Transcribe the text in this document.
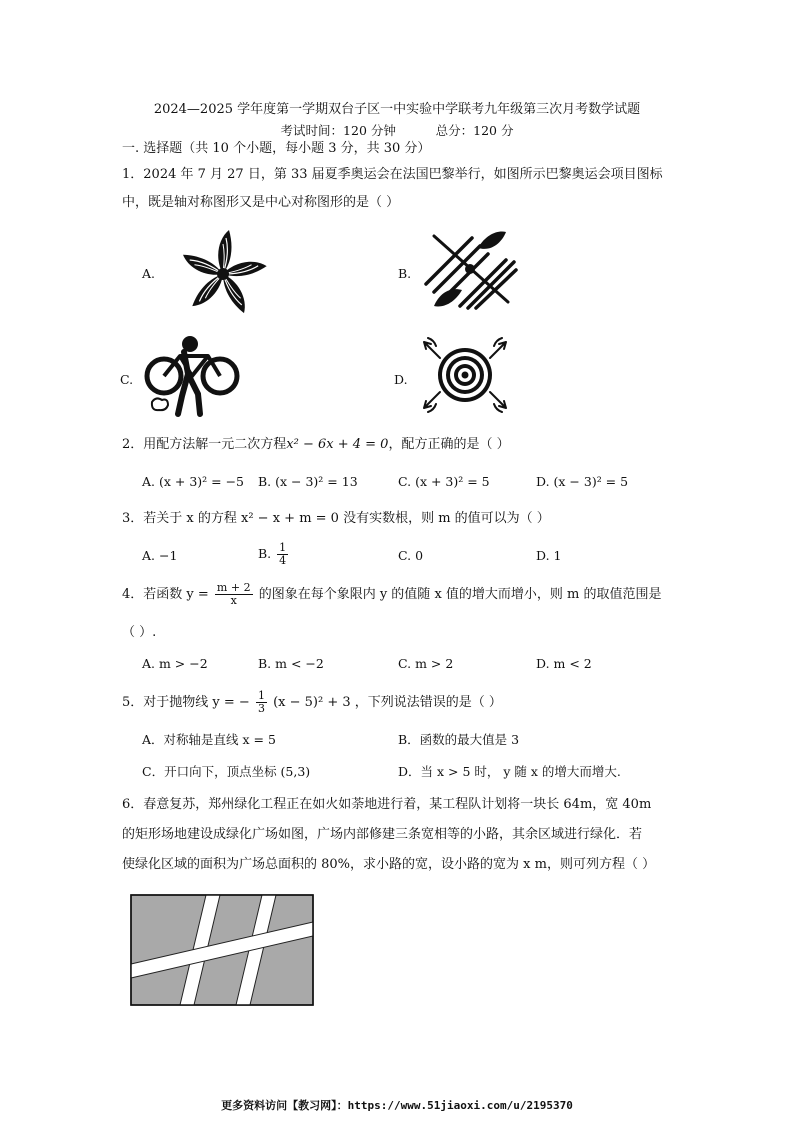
2024—2025 学年度第一学期双台子区一中实验中学联考九年级第三次月考数学试题
考试时间：120 分钟          总分：120 分
一. 选择题（共 10 个小题，每小题 3 分，共 30 分）
1．2024 年 7 月 27 日，第 33 届夏季奥运会在法国巴黎举行，如图所示巴黎奥运会项目图标
中，既是轴对称图形又是中心对称图形的是（ ）
A.	B.
C.	D.
2．用配方法解一元二次方程x² − 6x + 4 = 0，配方正确的是（ ）
A. (x + 3)² = −5 B. (x − 3)² = 13	C. (x + 3)² = 5	D. (x − 3)² = 5
3．若关于 x 的方程 x² − x + m = 0 没有实数根，则 m 的值可以为（ ）
A. −1	B. $\frac{1}{4}$	C. 0	D. 1
4．若函数 $y = \frac{m + 2}{x}$ 的图象在每个象限内 y 的值随 x 值的增大而增小，则 m 的取值范围是
（ ）.
A. m > −2	B. m < −2	C. m > 2	D. m < 2
5．对于抛物线 y = − $\frac{1}{3} (x - 5)^2 + 3$ ，下列说法错误的是（ ）
A．对称轴是直线 x = 5	B．函数的最大值是 3
C．开口向下，顶点坐标 (5,3)	D．当 x > 5 时， y 随 x 的增大而增大.
6．春意复苏，郑州绿化工程正在如火如荼地进行着，某工程队计划将一块长 64m，宽 40m
的矩形场地建设成绿化广场如图，广场内部修建三条宽相等的小路，其余区域进行绿化．若
使绿化区域的面积为广场总面积的 80%，求小路的宽，设小路的宽为 x m，则可列方程（ ）
更多资料访问【教习网】：https://www.51jiaoxi.com/u/2195370
